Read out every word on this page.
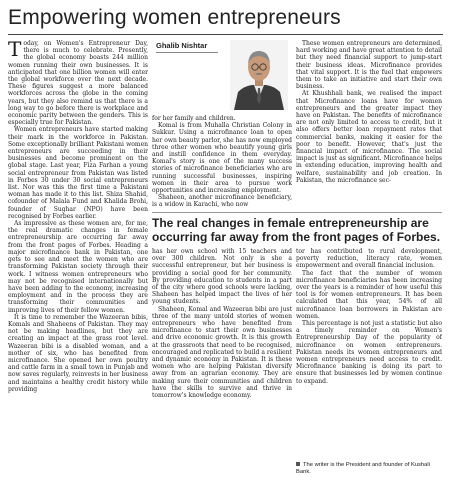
Empowering women entrepreneurs

Today, on Women's Entrepreneur Day, there is much to celebrate. Presently, the global economy boasts 244 million women running their own businesses. It is anticipated that one billion women will enter the global workforce over the next decade. These figures suggest a more balanced workforces across the globe in the coming years, but they also remind us that there is a long way to go before there is workplace and economic parity between the genders. This is especially true for Pakistan.

Women entrepreneurs have started making their mark in the workforce in Pakistan. Some exceptionally brilliant Pakistani women entrepreneurs are succeeding in their businesses and become prominent on the global stage. Last year, Fiza Farhan a young social entrepreneur from Pakistan was listed in Forbes 30 under 30 social entrepreneurs list. Nor was this the first time a Pakistani woman has made it to this list. Shiza Shahid, cofounder of Malala Fund and Khalida Brohi, founder of Sughar (NPO) have been recognised by Forbes earlier.

As impressive as these women are, for me, the real dramatic changes in female entrepreneurship are occurring far away from the front pages of Forbes. Heading a major microfinance bank in Pakistan, one gets to see and meet the women who are transforming Pakistan society through their work. I witness women entrepreneurs who may not be recognised internationally but have been adding to the economy, increasing employment and in the process they are transforming their communities and improving lives of their fellow women.

It is time to remember the Wazeeran bibis, Komals and Shaheens of Pakistan. They may not be making headlines, but they are creating an impact at the grass root level. Wazeeran bibi is a disabled woman, and a mother of six, who has benefited from microfinance. She opened her own poultry and cattle farm in a small town in Punjab and now saves regularly, reinvests in her business and maintains a healthy credit history while providing

Ghalib Nishtar

for her family and children.

Komal is from Muhalla Christian Colony in Sukkur. Using a microfinance loan to open her own beauty parlor, she has now employed three other women who beautify young girls and instill confidence in them everyday. Komal's story is one of the many success stories of microfinance beneficiaries who are running successful businesses, inspiring women in their area to pursue work opportunities and increasing employment.

Shaheen, another microfinance beneficiary, is a widow in Karachi, who now

These women entrepreneurs are determined, hard working and have great attention to detail but they need financial support to jump-start their business ideas. Microfinance provides that vital support. It is the fuel that empowers them to take an initiative and start their own business.

At Khushhali bank, we realised the impact that Microfinance loans have for women entrepreneurs and the greater impact they have on Pakistan. The benefits of microfinance are not only limited to access to credit, but it also offers better loan repayment rates that commercial banks, making it easier for the poor to benefit. However, that's just the financial impact of microfinance. The social impact is just as significant. Microfinance helps in extending education, improving health and welfare, sustainability and job creation. In Pakistan, the microfinance sec-

The real changes in female entrepreneurship are occurring far away from the front pages of Forbes.

has her own school with 15 teachers and over 300 children. Not only is she a successful entrepreneur, but her business is providing a social good for her community. By providing education to students in a part of the city where good schools were lacking, Shaheen has helped impact the lives of her young students.

Shaheen, Komal and Wazeeran bibi are just three of the many untold stories of women entrepreneurs who have benefited from microfinance to start their own businesses and drive economic growth. It is this growth at the grassroots that need to be recognised, encouraged and replicated to build a resilient and dynamic economy in Pakistan. It is these women who are helping Pakistan diversify away from an agrarian economy. They are making sure their communities and children have the skills to survive and thrive in tomorrow's knowledge economy.

tor has contributed to rural development, poverty reduction, literacy rate, women empowerment and overall financial inclusion.

The fact that the number of women microfinance beneficiaries has been increasing over the years is a reminder of how useful this tool is for women entrepreneurs. It has been calculated that this year, 54% of all microfinance loan borrowers in Pakistan are women.

This percentage is not just a statistic but also a timely reminder on Women's Entrepreneurship Day of the popularity of microfinance on women entrepreneurs. Pakistan needs its women entrepreneurs and women entrepreneurs need access to credit. Microfinance banking is doing its part to ensure that businesses led by women continue to expand.

The writer is the President and founder of Kushali Bank.
